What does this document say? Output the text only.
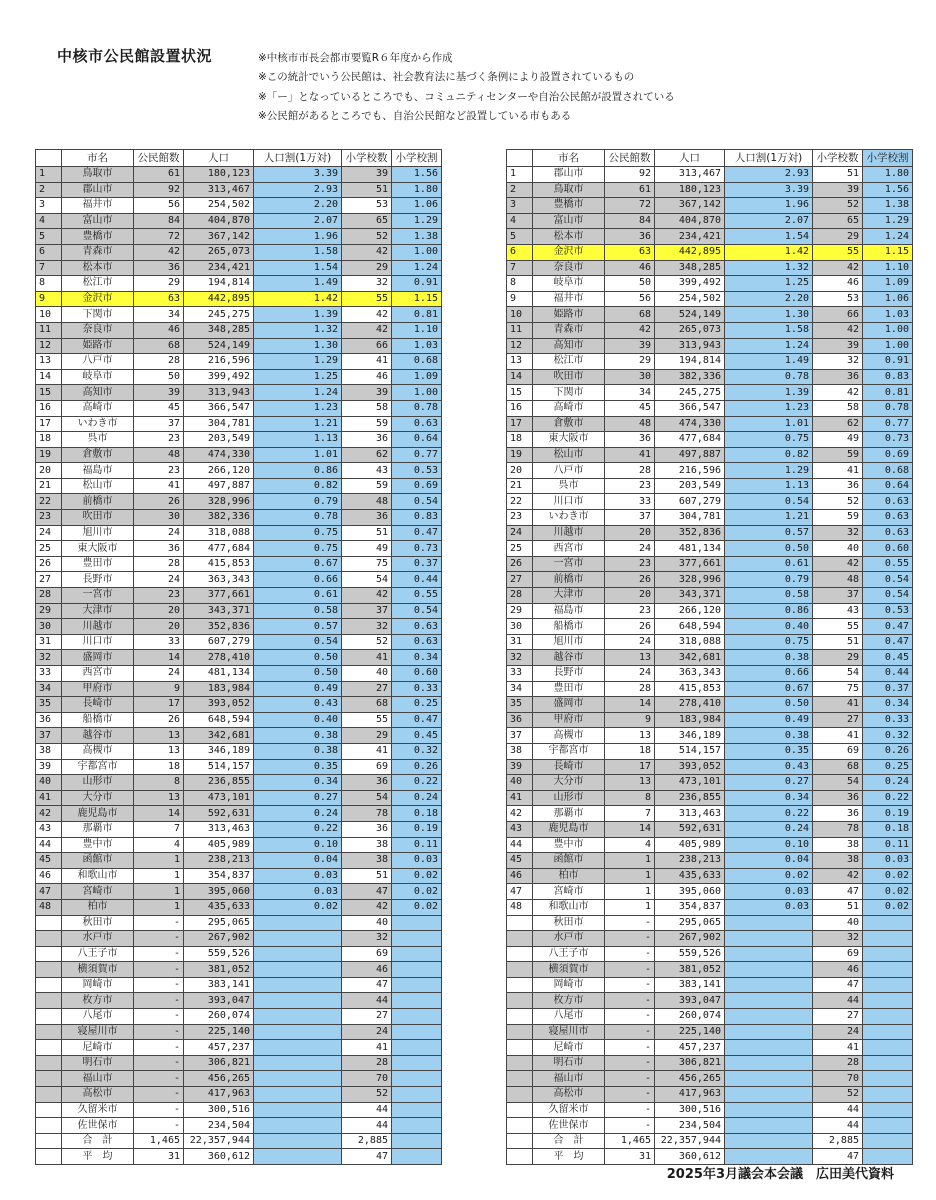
中核市公民館設置状況	※中核市市長会都市要覧R６年度から作成
※この統計でいう公民館は、社会教育法に基づく条例により設置されているもの
※「ー」となっているところでも、コミュニティセンターや自治公民館が設置されている
※公民館があるところでも、自治公民館など設置している市もある
	市名	公民館数	人口	人口割(1万対)	小学校数	小学校割
1	鳥取市	61	180,123	3.39	39	1.56
2	郡山市	92	313,467	2.93	51	1.80
3	福井市	56	254,502	2.20	53	1.06
4	富山市	84	404,870	2.07	65	1.29
5	豊橋市	72	367,142	1.96	52	1.38
6	青森市	42	265,073	1.58	42	1.00
7	松本市	36	234,421	1.54	29	1.24
8	松江市	29	194,814	1.49	32	0.91
9	金沢市	63	442,895	1.42	55	1.15
10	下関市	34	245,275	1.39	42	0.81
11	奈良市	46	348,285	1.32	42	1.10
12	姫路市	68	524,149	1.30	66	1.03
13	八戸市	28	216,596	1.29	41	0.68
14	岐阜市	50	399,492	1.25	46	1.09
15	高知市	39	313,943	1.24	39	1.00
16	高崎市	45	366,547	1.23	58	0.78
17	いわき市	37	304,781	1.21	59	0.63
18	呉市	23	203,549	1.13	36	0.64
19	倉敷市	48	474,330	1.01	62	0.77
20	福島市	23	266,120	0.86	43	0.53
21	松山市	41	497,887	0.82	59	0.69
22	前橋市	26	328,996	0.79	48	0.54
23	吹田市	30	382,336	0.78	36	0.83
24	旭川市	24	318,088	0.75	51	0.47
25	東大阪市	36	477,684	0.75	49	0.73
26	豊田市	28	415,853	0.67	75	0.37
27	長野市	24	363,343	0.66	54	0.44
28	一宮市	23	377,661	0.61	42	0.55
29	大津市	20	343,371	0.58	37	0.54
30	川越市	20	352,836	0.57	32	0.63
31	川口市	33	607,279	0.54	52	0.63
32	盛岡市	14	278,410	0.50	41	0.34
33	西宮市	24	481,134	0.50	40	0.60
34	甲府市	9	183,984	0.49	27	0.33
35	長崎市	17	393,052	0.43	68	0.25
36	船橋市	26	648,594	0.40	55	0.47
37	越谷市	13	342,681	0.38	29	0.45
38	高槻市	13	346,189	0.38	41	0.32
39	宇都宮市	18	514,157	0.35	69	0.26
40	山形市	8	236,855	0.34	36	0.22
41	大分市	13	473,101	0.27	54	0.24
42	鹿児島市	14	592,631	0.24	78	0.18
43	那覇市	7	313,463	0.22	36	0.19
44	豊中市	4	405,989	0.10	38	0.11
45	函館市	1	238,213	0.04	38	0.03
46	和歌山市	1	354,837	0.03	51	0.02
47	宮崎市	1	395,060	0.03	47	0.02
48	柏市	1	435,633	0.02	42	0.02
	秋田市	-	295,065		40	
	水戸市	-	267,902		32	
	八王子市	-	559,526		69	
	横須賀市	-	381,052		46	
	岡崎市	-	383,141		47	
	枚方市	-	393,047		44	
	八尾市	-	260,074		27	
	寝屋川市	-	225,140		24	
	尼崎市	-	457,237		41	
	明石市	-	306,821		28	
	福山市	-	456,265		70	
	高松市	-	417,963		52	
	久留米市	-	300,516		44	
	佐世保市	-	234,504		44	
	合　計	1,465	22,357,944		2,885	
	平　均	31	360,612		47	
	市名	公民館数	人口	人口割(1万対)	小学校数	小学校割
1	郡山市	92	313,467	2.93	51	1.80
2	鳥取市	61	180,123	3.39	39	1.56
3	豊橋市	72	367,142	1.96	52	1.38
4	富山市	84	404,870	2.07	65	1.29
5	松本市	36	234,421	1.54	29	1.24
6	金沢市	63	442,895	1.42	55	1.15
7	奈良市	46	348,285	1.32	42	1.10
8	岐阜市	50	399,492	1.25	46	1.09
9	福井市	56	254,502	2.20	53	1.06
10	姫路市	68	524,149	1.30	66	1.03
11	青森市	42	265,073	1.58	42	1.00
12	高知市	39	313,943	1.24	39	1.00
13	松江市	29	194,814	1.49	32	0.91
14	吹田市	30	382,336	0.78	36	0.83
15	下関市	34	245,275	1.39	42	0.81
16	高崎市	45	366,547	1.23	58	0.78
17	倉敷市	48	474,330	1.01	62	0.77
18	東大阪市	36	477,684	0.75	49	0.73
19	松山市	41	497,887	0.82	59	0.69
20	八戸市	28	216,596	1.29	41	0.68
21	呉市	23	203,549	1.13	36	0.64
22	川口市	33	607,279	0.54	52	0.63
23	いわき市	37	304,781	1.21	59	0.63
24	川越市	20	352,836	0.57	32	0.63
25	西宮市	24	481,134	0.50	40	0.60
26	一宮市	23	377,661	0.61	42	0.55
27	前橋市	26	328,996	0.79	48	0.54
28	大津市	20	343,371	0.58	37	0.54
29	福島市	23	266,120	0.86	43	0.53
30	船橋市	26	648,594	0.40	55	0.47
31	旭川市	24	318,088	0.75	51	0.47
32	越谷市	13	342,681	0.38	29	0.45
33	長野市	24	363,343	0.66	54	0.44
34	豊田市	28	415,853	0.67	75	0.37
35	盛岡市	14	278,410	0.50	41	0.34
36	甲府市	9	183,984	0.49	27	0.33
37	高槻市	13	346,189	0.38	41	0.32
38	宇都宮市	18	514,157	0.35	69	0.26
39	長崎市	17	393,052	0.43	68	0.25
40	大分市	13	473,101	0.27	54	0.24
41	山形市	8	236,855	0.34	36	0.22
42	那覇市	7	313,463	0.22	36	0.19
43	鹿児島市	14	592,631	0.24	78	0.18
44	豊中市	4	405,989	0.10	38	0.11
45	函館市	1	238,213	0.04	38	0.03
46	柏市	1	435,633	0.02	42	0.02
47	宮崎市	1	395,060	0.03	47	0.02
48	和歌山市	1	354,837	0.03	51	0.02
	秋田市	-	295,065		40	
	水戸市	-	267,902		32	
	八王子市	-	559,526		69	
	横須賀市	-	381,052		46	
	岡崎市	-	383,141		47	
	枚方市	-	393,047		44	
	八尾市	-	260,074		27	
	寝屋川市	-	225,140		24	
	尼崎市	-	457,237		41	
	明石市	-	306,821		28	
	福山市	-	456,265		70	
	高松市	-	417,963		52	
	久留米市	-	300,516		44	
	佐世保市	-	234,504		44	
	合　計	1,465	22,357,944		2,885	
	平　均	31	360,612		47	
2025年3月議会本会議　広田美代資料
